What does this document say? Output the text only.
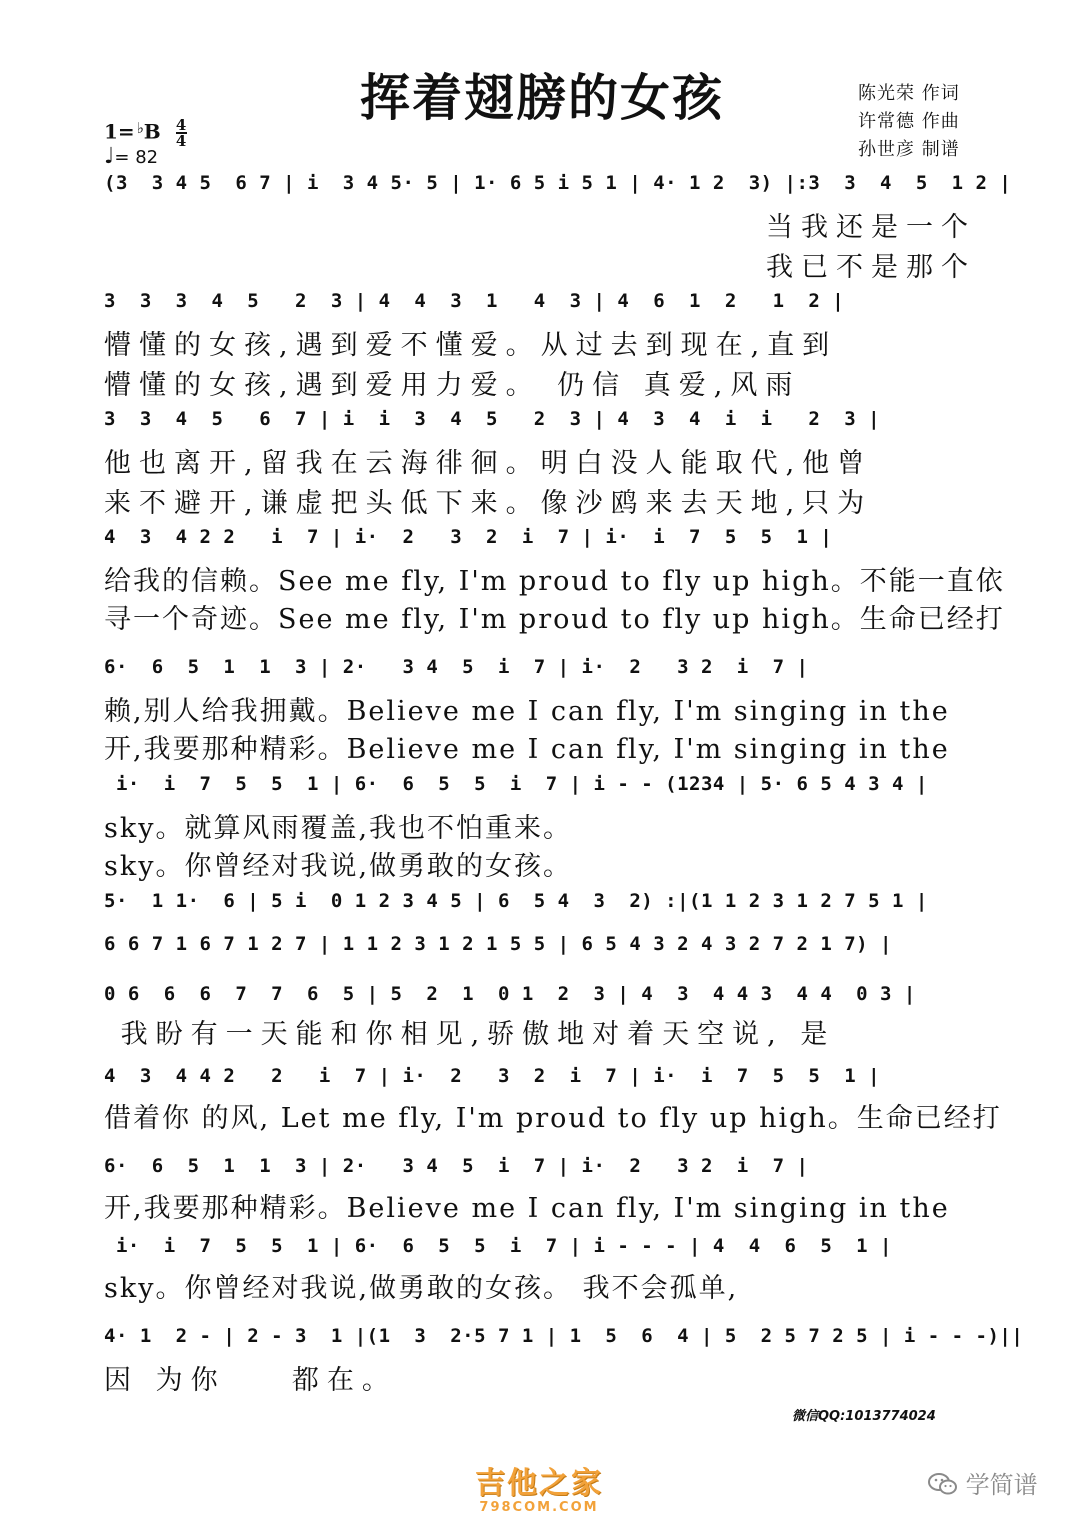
挥着翅膀的女孩	陈光荣 作词
许常德 作曲
孙世彦 制谱
$1= ^♭B \frac{4}{4}$
♩= 82
(3  3 4 5  6 7 | i  3 4 5· 5 | 1· 6 5 i 5 1 | 4· 1 2  3) |:3  3  4  5  1 2 |
当我还是一个
我已不是那个
3  3  3  4  5   2  3 | 4  4  3  1   4  3 | 4  6  1  2   1  2 |
懵懂的女孩,遇到爱不懂爱。从过去到现在,直到
懵懂的女孩,遇到爱用力爱。 仍信 真爱,风雨
3  3  4  5   6  7 | i  i  3  4  5   2  3 | 4  3  4  i  i   2  3 |
他也离开,留我在云海徘徊。明白没人能取代,他曾
来不避开,谦虚把头低下来。像沙鸥来去天地,只为
4  3  4 2 2   i  7 | i·  2   3  2  i  7 | i·  i  7  5  5  1 |
给我的信赖。See me fly, I'm proud to fly up high。不能一直依
寻一个奇迹。See me fly, I'm proud to fly up high。生命已经打
6·  6  5  1  1  3 | 2·   3 4  5  i  7 | i·  2   3 2  i  7 |
赖,别人给我拥戴。Believe me I can fly, I'm singing in the
开,我要那种精彩。Believe me I can fly, I'm singing in the
i·  i  7  5  5  1 | 6·  6  5  5  i  7 | i - - (1234 | 5· 6 5 4 3 4 |
sky。就算风雨覆盖,我也不怕重来。
sky。你曾经对我说,做勇敢的女孩。
5·  1 1·  6 | 5 i  0 1 2 3 4 5 | 6  5 4  3  2) :|(1 1 2 3 1 2 7 5 1 |
6 6 7 1 6 7 1 2 7 | 1 1 2 3 1 2 1 5 5 | 6 5 4 3 2 4 3 2 7 2 1 7) |
0 6  6  6  7  7  6  5 | 5  2  1  0 1  2  3 | 4  3  4 4 3  4 4  0 3 |
我盼有一天能和你相见,骄傲地对着天空说, 是
4  3  4 4 2   2   i  7 | i·  2   3  2  i  7 | i·  i  7  5  5  1 |
借着你 的风, Let me fly, I'm proud to fly up high。生命已经打
6·  6  5  1  1  3 | 2·   3 4  5  i  7 | i·  2   3 2  i  7 |
开,我要那种精彩。Believe me I can fly, I'm singing in the
i·  i  7  5  5  1 | 6·  6  5  5  i  7 | i - - - | 4  4  6  5  1 |
sky。你曾经对我说,做勇敢的女孩。 我不会孤单,
4· 1  2 - | 2 - 3  1 |(1  3  2·5 7 1 | 1  5  6  4 | 5  2 5 7 2 5 | i - - -)||
因 为你    都在。
微信QQ:1013774024
吉他之家
798COM.COM
学简谱
